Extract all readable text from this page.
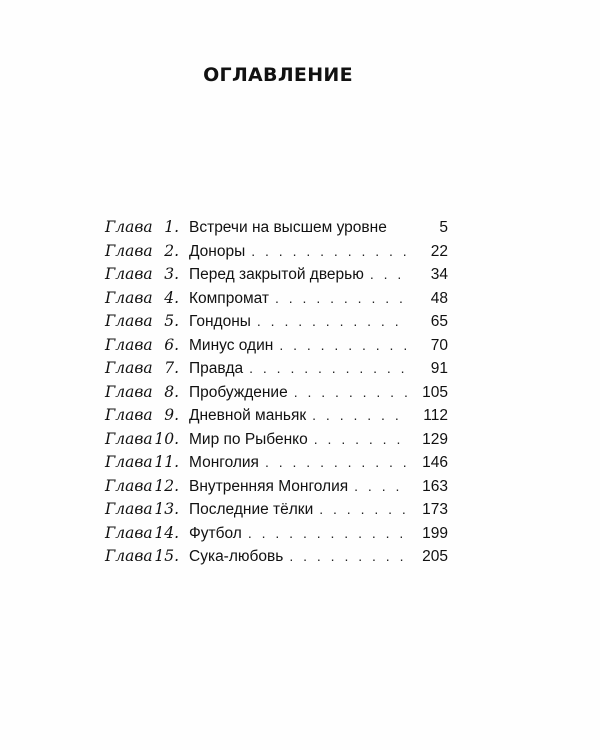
ОГЛАВЛЕНИЕ
Глава 1. Встречи на высшем уровне	5
Глава 2. Доноры . . .	22
Глава 3. Перед закрытой дверью . . .	34
Глава 4. Компромат . . .	48
Глава 5. Гондоны . . .	65
Глава 6. Минус один . . .	70
Глава 7. Правда . . .	91
Глава 8. Пробуждение . . .	105
Глава 9. Дневной маньяк . . .	112
Глава 10. Мир по Рыбенко . . .	129
Глава 11. Монголия . . .	146
Глава 12. Внутренняя Монголия . . .	163
Глава 13. Последние тёлки . . .	173
Глава 14. Футбол . . .	199
Глава 15. Сука-любовь . . .	205
